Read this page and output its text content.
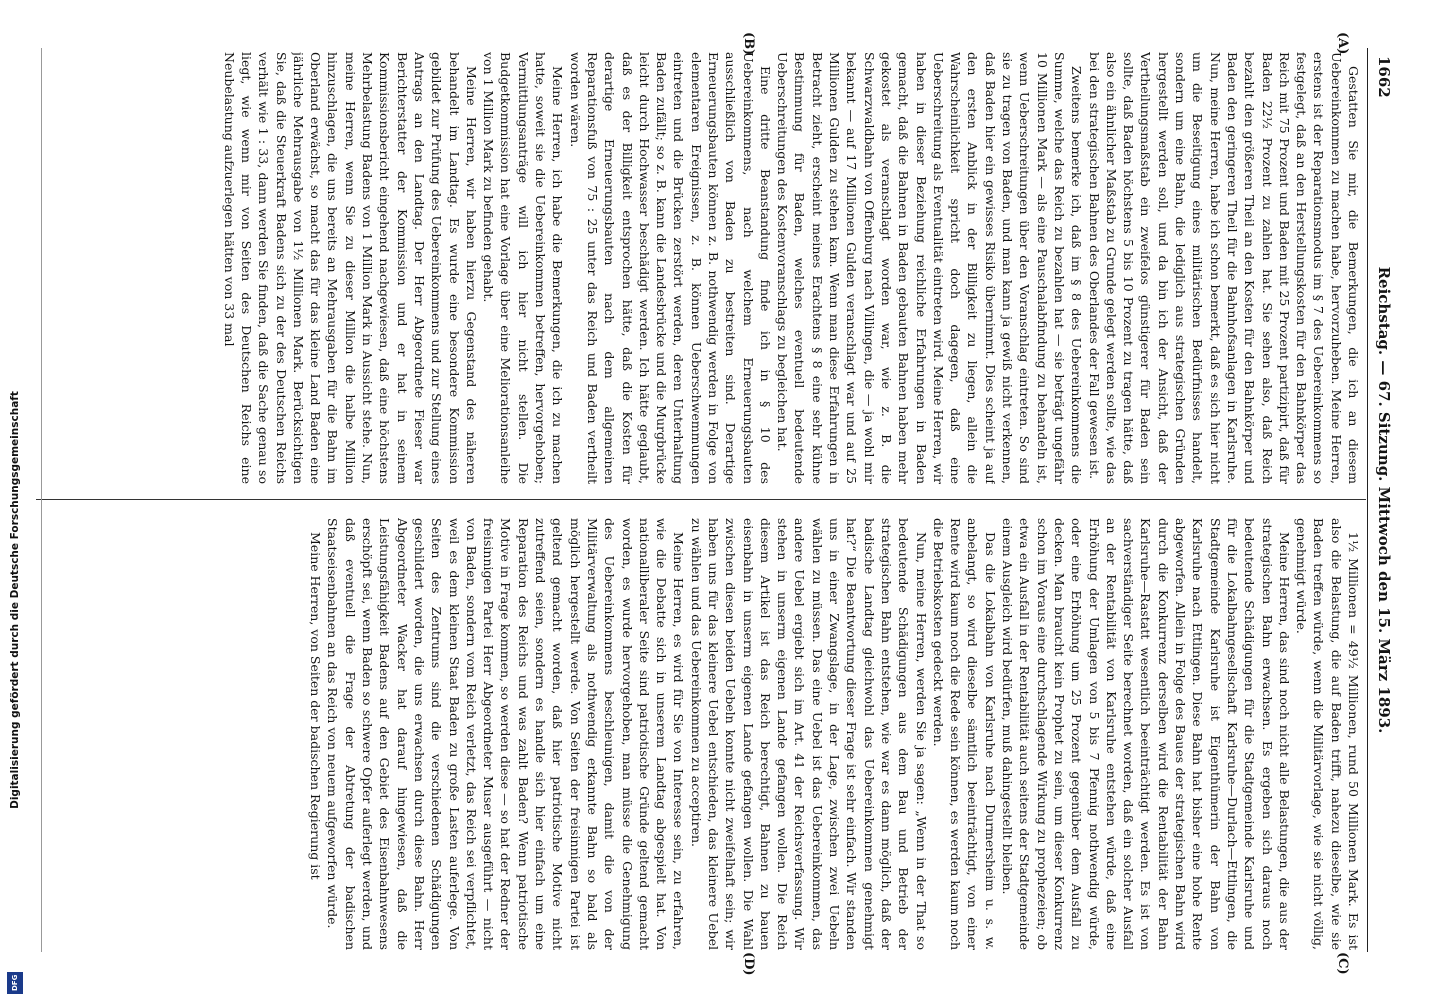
1662
Reichstag. — 67. Sitzung. Mittwoch den 15. März 1893.
(A)
(B)
(C)
(D)

Gestatten Sie mir, die Bemerkungen, die ich an diesem Uebereinkommen zu machen habe, hervorzuheben. Meine Herren, erstens ist der Reparationsmodus im § 7 des Uebereinkommens so festgelegt, daß an den Herstellungskosten für den Bahnkörper das Reich mit 75 Prozent und Baden mit 25 Prozent partizipirt, daß für Baden 22½ Prozent zu zahlen hat. Sie sehen also, daß Reich bezahlt den größeren Theil an den Kosten für den Bahnkörper und Baden den geringeren Theil für die Bahnhofsanlagen in Karlsruhe. Nun, meine Herren, habe ich schon bemerkt, daß es sich hier nicht um die Beseitigung eines militärischen Bedürfnisses handelt, sondern um eine Bahn, die lediglich aus strategischen Gründen hergestellt werden soll, und da bin ich der Ansicht, daß der Vertheilungsmaßstab ein zweifelos günstigerer für Baden sein sollte, daß Baden höchstens 5 bis 10 Prozent zu tragen hätte, daß also ein ähnlicher Maßstab zu Grunde gelegt werden sollte, wie das bei den strategischen Bahnen des Oberlandes der Fall gewesen ist.

Zweitens bemerke ich, daß im § 8 des Uebereinkommens die Summe, welche das Reich zu bezahlen hat — sie beträgt ungefähr 10 Millionen Mark — als eine Pauschalabfindung zu behandeln ist, wenn Ueberschreitungen über den Voranschlag eintreten. So sind sie zu tragen von Baden, und man kann ja gewiß nicht verkennen, daß Baden hier ein gewisses Risiko übernimmt. Dies scheint ja auf den ersten Anblick in der Billigkeit zu liegen, allein die Wahrscheinlichkeit spricht doch dagegen, daß eine Ueberschreitung als Eventualität eintreten wird. Meine Herren, wir haben in dieser Beziehung reichliche Erfahrungen in Baden gemacht, daß die Bahnen in Baden gebauten Bahnen haben mehr gekostet als veranschlagt worden war, wie z. B. die Schwarzwaldbahn von Offenburg nach Villingen, die — ja wohl mir bekannt — auf 17 Millionen Gulden veranschlagt war und auf 25 Millionen Gulden zu stehen kam. Wenn man diese Erfahrungen in Betracht zieht, erscheint meines Erachtens § 8 eine sehr kühne Bestimmung für Baden, welches eventuell bedeutende Ueberschreitungen des Kostenvoranschlags zu begleichen hat.

Eine dritte Beanstandung finde ich in § 10 des Uebereinkommens, nach welchem Erneuerungsbauten ausschließlich von Baden zu bestreiten sind. Derartige Erneuerungsbauten können z. B. nothwendig werden in Folge von elementaren Ereignissen, z. B. können Ueberschwemmungen eintreten und die Brücken zerstört werden, deren Unterhaltung Baden zufällt; so z. B. kann die Landesbrücke und die Murgbrücke leicht durch Hochwasser beschädigt werden. Ich hätte geglaubt, daß es der Billigkeit entsprochen hätte, daß die Kosten für derartige Erneuerungsbauten nach dem allgemeinen Reparationsfuß von 75 : 25 unter das Reich und Baden vertheilt worden wären.

Meine Herren, ich habe die Bemerkungen, die ich zu machen hatte, soweit sie die Uebereinkommen betreffen, hervorgehoben; Vermittlungsanträge will ich hier nicht stellen. Die Budgetkommission hat eine Vorlage über eine Meliorationsanleihe von 1 Million Mark zu befinden gehabt.

Meine Herren, wir haben hierzu Gegenstand des näheren behandelt im Landtag. Es wurde eine besondere Kommission gebildet zur Prüfung des Uebereinkommens und zur Stellung eines Antrags an den Landtag. Der Herr Abgeordnete Fieser war Berichterstatter der Kommission und er hat in seinem Kommissionsbericht eingehend nachgewiesen, daß eine höchstens Mehrbelastung Badens von 1 Million Mark in Aussicht stehe. Nun, meine Herren, wenn Sie zu dieser Million die halbe Million hinzuschlagen, die uns bereits an Mehrausgaben für die Bahn im Oberland erwächst, so macht das für das kleine Land Baden eine jährliche Mehrausgabe von 1½ Millionen Mark. Berücksichtigen Sie, daß die Steuerkraft Badens sich zu der des Deutschen Reichs verhält wie 1 : 33, dann werden Sie finden, daß die Sache genau so liegt, wie wenn mir von Seiten des Deutschen Reichs eine Neubelastung aufzuerlegen hätten von 33 mal

1½ Millionen = 49½ Millionen, rund 50 Millionen Mark. Es ist also die Belastung, die auf Baden trifft, nahezu dieselbe, wie sie Baden treffen würde, wenn die Militärvorlage, wie sie nicht völlig, genehmigt würde.

Meine Herren, das sind noch nicht alle Belastungen, die aus der strategischen Bahn erwachsen. Es ergeben sich daraus noch bedeutende Schädigungen für die Stadtgemeinde Karlsruhe und für die Lokalbahngesellschaft Karlsruhe—Durlach—Ettlingen, die Stadtgemeinde Karlsruhe ist Eigenthümerin der Bahn von Karlsruhe nach Ettlingen. Diese Bahn hat bisher eine hohe Rente abgeworfen. Allein in Folge des Baues der strategischen Bahn wird durch die Konkurrenz derselben wird die Rentabilität der Bahn Karlsruhe—Rastatt wesentlich beeinträchtigt werden. Es ist von sachverständiger Seite berechnet worden, daß ein solcher Ausfall an der Rentabilität von Karlsruhe entstehen würde, daß eine Erhöhung der Umlagen von 5 bis 7 Pfennig nothwendig würde, oder eine Erhöhung um 25 Prozent gegenüber dem Ausfall zu decken. Man braucht kein Prophet zu sein, um dieser Konkurrenz schon im Voraus eine durchschlagende Wirkung zu prophezeien; ob etwa ein Ausfall in der Rentabilität auch seitens der Stadtgemeinde einem Ausgleich wird bedürfen, muß dahingestellt bleiben.

Das die Lokalbahn von Karlsruhe nach Durmersheim u. s. w. anbelangt, so wird dieselbe sämtlich beeinträchtigt, von einer Rente wird kaum noch die Rede sein können, es werden kaum noch die Betriebskosten gedeckt werden.

Nun, meine Herren, werden Sie ja sagen: „Wenn in der That so bedeutende Schädigungen aus dem Bau und Betrieb der strategischen Bahn entstehen, wie war es dann möglich, daß der badische Landtag gleichwohl das Uebereinkommen genehmigt hat?“ Die Beantwortung dieser Frage ist sehr einfach. Wir standen uns in einer Zwangslage, in der Lage, zwischen zwei Uebeln wählen zu müssen. Das eine Uebel ist das Uebereinkommen, das andere Uebel ergiebt sich im Art. 41 der Reichsverfassung. Wir stehen in unserm eigenen Lande gefangen wollen. Die Reich diesem Artikel ist das Reich berechtigt, Bahnen zu bauen eisenbahn in unserm eigenen Lande gefangen wollen. Die Wahl zwischen diesen beiden Uebeln konnte nicht zweifelhaft sein; wir haben uns für das kleinere Uebel entschieden, das kleinere Uebel zu wählen und das Uebereinkommen zu acceptiren.

Meine Herren, es wird für Sie von Interesse sein, zu erfahren, wie die Debatte sich in unserem Landtag abgespielt hat. Von nationalliberaler Seite sind patriotische Gründe geltend gemacht worden, es wurde hervorgehoben, man müsse die Genehmigung des Uebereinkommens beschleunigen, damit die von der Militärverwaltung als nothwendig erkannte Bahn so bald als möglich hergestellt werde. Von Seiten der freisinnigen Partei ist geltend gemacht worden, daß hier patriotische Motive nicht zutreffend seien, sondern es handle sich hier einfach um eine Reparation des Reichs und was zahlt Baden? Wenn patriotische Motive in Frage kommen, so werden diese — so hat der Redner der freisinnigen Partei Herr Abgeordneter Muser ausgeführt — nicht von Baden, sondern vom Reich verletzt, das Reich sei verpflichtet, weil es dem kleinen Staat Baden zu große Lasten auferlege. Von Seiten des Zentrums sind die verschiedenen Schädigungen geschildert worden, die uns erwachsen durch diese Bahn. Herr Abgeordneter Wacker hat darauf hingewiesen, daß die Leistungsfähigkeit Badens auf den Gebiet des Eisenbahnwesens erschöpft sei, wenn Baden so schwere Opfer auferlegt werden, und daß eventuell die Frage der Abtretung der badischen Staatseisenbahnen an das Reich von neuem aufgeworfen würde.

Meine Herren, von Seiten der badischen Regierung ist

Digitalisierung gefördert durch die Deutsche Forschungsgemeinschaft
DFG
